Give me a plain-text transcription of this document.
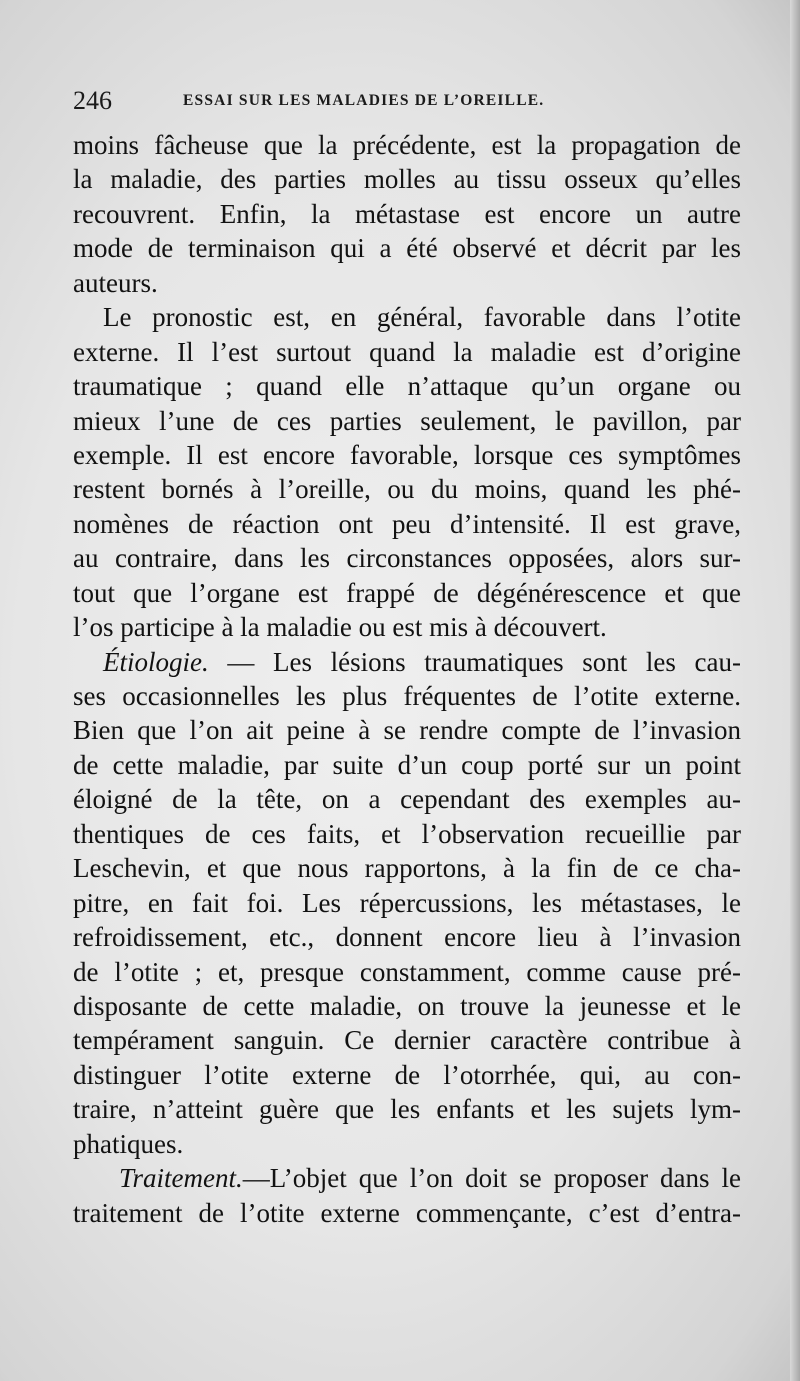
246	ESSAI SUR LES MALADIES DE L’OREILLE.
moins fâcheuse que la précédente, est la propagation de
la maladie, des parties molles au tissu osseux qu’elles
recouvrent. Enfin, la métastase est encore un autre
mode de terminaison qui a été observé et décrit par les
auteurs.
Le pronostic est, en général, favorable dans l’otite
externe. Il l’est surtout quand la maladie est d’origine
traumatique ; quand elle n’attaque qu’un organe ou
mieux l’une de ces parties seulement, le pavillon, par
exemple. Il est encore favorable, lorsque ces symptômes
restent bornés à l’oreille, ou du moins, quand les phé-
nomènes de réaction ont peu d’intensité. Il est grave,
au contraire, dans les circonstances opposées, alors sur-
tout que l’organe est frappé de dégénérescence et que
l’os participe à la maladie ou est mis à découvert.
Étiologie. — Les lésions traumatiques sont les cau-
ses occasionnelles les plus fréquentes de l’otite externe.
Bien que l’on ait peine à se rendre compte de l’invasion
de cette maladie, par suite d’un coup porté sur un point
éloigné de la tête, on a cependant des exemples au-
thentiques de ces faits, et l’observation recueillie par
Leschevin, et que nous rapportons, à la fin de ce cha-
pitre, en fait foi. Les répercussions, les métastases, le
refroidissement, etc., donnent encore lieu à l’invasion
de l’otite ; et, presque constamment, comme cause pré-
disposante de cette maladie, on trouve la jeunesse et le
tempérament sanguin. Ce dernier caractère contribue à
distinguer l’otite externe de l’otorrhée, qui, au con-
traire, n’atteint guère que les enfants et les sujets lym-
phatiques.
Traitement.—L’objet que l’on doit se proposer dans le
traitement de l’otite externe commençante, c’est d’entra-
